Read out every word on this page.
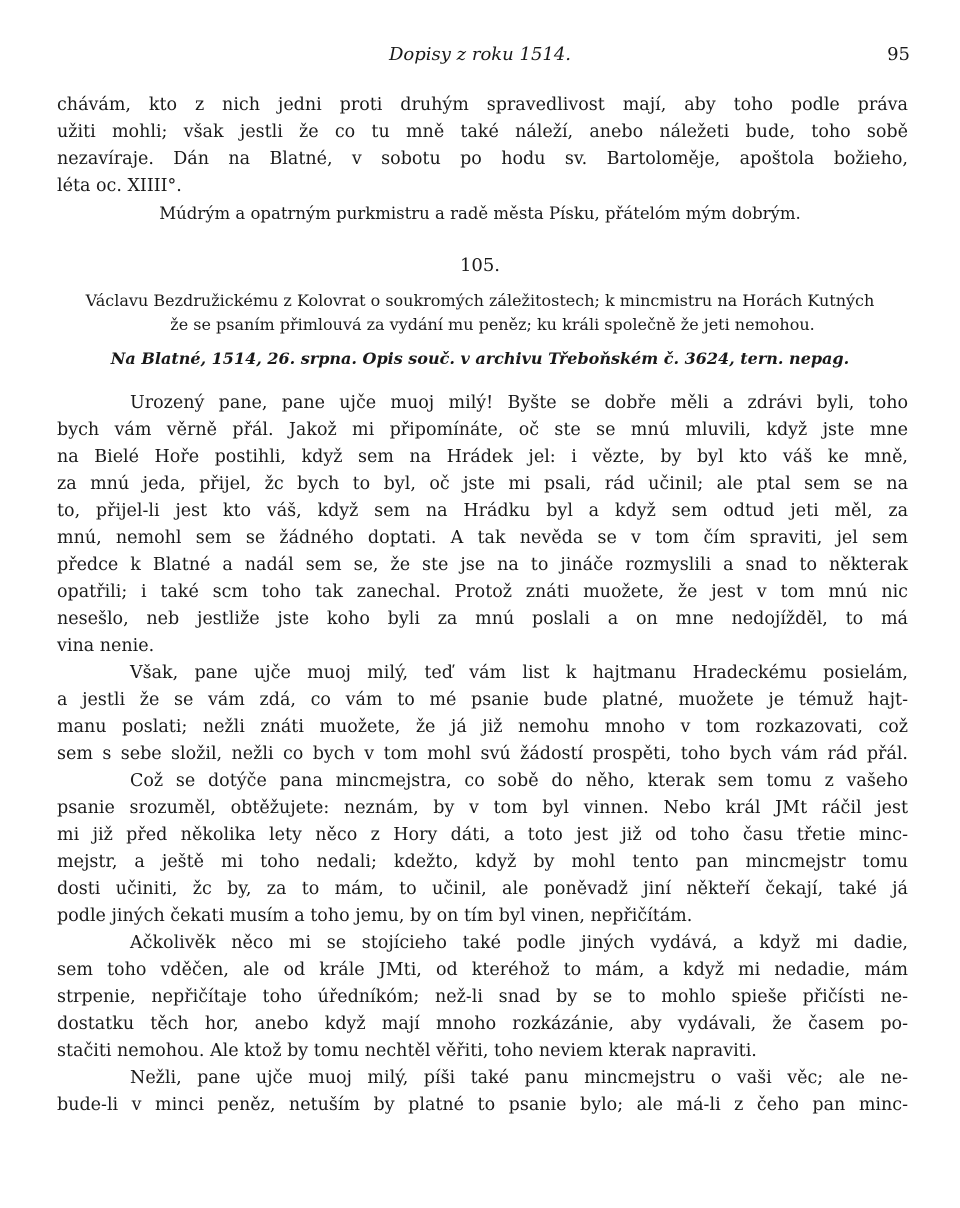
Dopisy z roku 1514.	95
chávám, kto z nich jedni proti druhým spravedlivost mají, aby toho podle práva
užiti mohli; však jestli že co tu mně také náleží, anebo náležeti bude, toho sobě
nezavíraje. Dán na Blatné, v sobotu po hodu sv. Bartoloměje, apoštola božieho,
léta oc. XIIII°.
Múdrým a opatrným purkmistru a radě města Písku, přátelóm mým dobrým.
105.
Václavu Bezdružickému z Kolovrat o soukromých záležitostech; k mincmistru na Horách Kutných
že se psaním přimlouvá za vydání mu peněz; ku králi společně že jeti nemohou.
Na Blatné, 1514, 26. srpna. Opis souč. v archivu Třeboňském č. 3624, tern. nepag.
Urozený pane, pane ujče muoj milý! Byšte se dobře měli a zdrávi byli, toho
bych vám věrně přál. Jakož mi připomínáte, oč ste se mnú mluvili, když jste mne
na Bielé Hoře postihli, když sem na Hrádek jel: i vězte, by byl kto váš ke mně,
za mnú jeda, přijel, žc bych to byl, oč jste mi psali, rád učinil; ale ptal sem se na
to, přijel-li jest kto váš, když sem na Hrádku byl a když sem odtud jeti měl, za
mnú, nemohl sem se žádného doptati. A tak nevěda se v tom čím spraviti, jel sem
předce k Blatné a nadál sem se, že ste jse na to jináče rozmyslili a snad to některak
opatřili; i také scm toho tak zanechal. Protož znáti muožete, že jest v tom mnú nic
nesešlo, neb jestliže jste koho byli za mnú poslali a on mne nedojíždĕl, to má
vina nenie.
Však, pane ujče muoj milý, teď vám list k hajtmanu Hradeckému posielám,
a jestli že se vám zdá, co vám to mé psanie bude platné, muožete je témuž hajt-
manu poslati; nežli znáti muožete, že já již nemohu mnoho v tom rozkazovati, což
sem s sebe složil, nežli co bych v tom mohl svú žádostí prospěti, toho bych vám rád přál.
Což se dotýče pana mincmejstra, co sobě do něho, kterak sem tomu z vašeho
psanie srozuměl, obtěžujete: neznám, by v tom byl vinnen. Nebo král JMt ráčil jest
mi již před několika lety něco z Hory dáti, a toto jest již od toho času třetie minc-
mejstr, a ještě mi toho nedali; kdežto, když by mohl tento pan mincmejstr tomu
dosti učiniti, žc by, za to mám, to učinil, ale poněvadž jiní někteří čekají, také já
podle jiných čekati musím a toho jemu, by on tím byl vinen, nepřičítám.
Ačkolivěk něco mi se stojícieho také podle jiných vydává, a když mi dadie,
sem toho vděčen, ale od krále JMti, od kteréhož to mám, a když mi nedadie, mám
strpenie, nepřičítaje toho úředníkóm; než-li snad by se to mohlo spieše přičísti ne-
dostatku těch hor, anebo když mají mnoho rozkázánie, aby vydávali, že časem po-
stačiti nemohou. Ale ktož by tomu nechtěl věřiti, toho neviem kterak napraviti.
Nežli, pane ujče muoj milý, píši také panu mincmejstru o vaši věc; ale ne-
bude-li v minci peněz, netuším by platné to psanie bylo; ale má-li z čeho pan minc-
